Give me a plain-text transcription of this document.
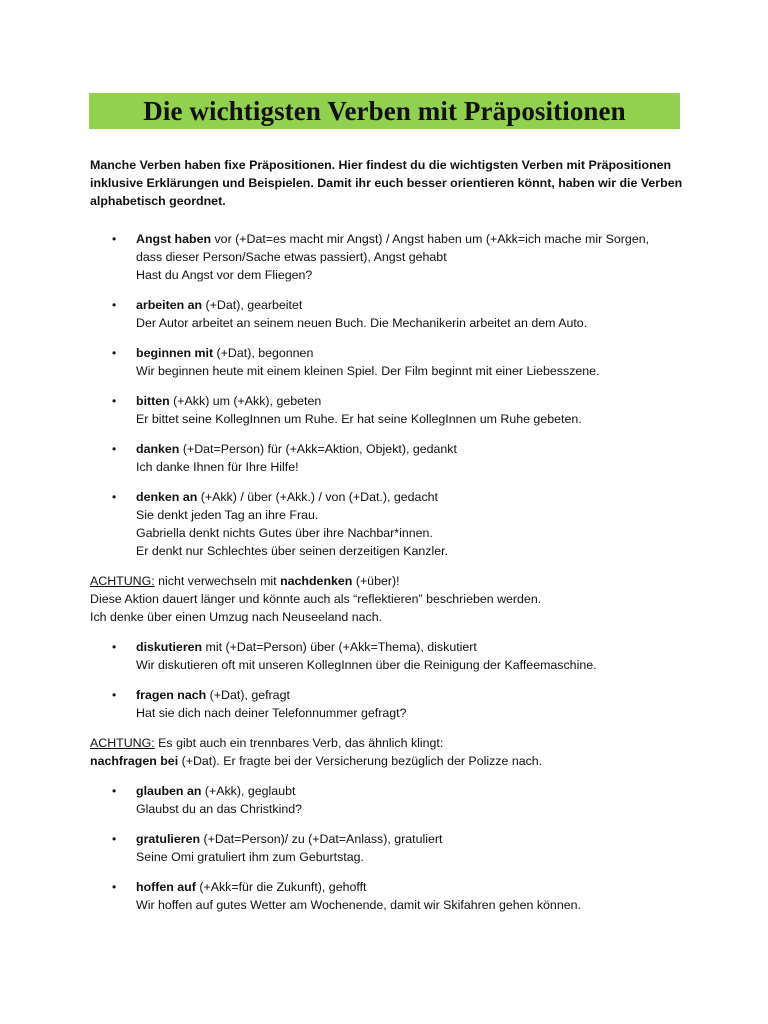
Die wichtigsten Verben mit Präpositionen

Manche Verben haben fixe Präpositionen. Hier findest du die wichtigsten Verben mit Präpositionen
inklusive Erklärungen und Beispielen. Damit ihr euch besser orientieren könnt, haben wir die Verben
alphabetisch geordnet.

• Angst haben vor (+Dat=es macht mir Angst) / Angst haben um (+Akk=ich mache mir Sorgen,
dass dieser Person/Sache etwas passiert), Angst gehabt
Hast du Angst vor dem Fliegen?
• arbeiten an (+Dat), gearbeitet
Der Autor arbeitet an seinem neuen Buch. Die Mechanikerin arbeitet an dem Auto.
• beginnen mit (+Dat), begonnen
Wir beginnen heute mit einem kleinen Spiel. Der Film beginnt mit einer Liebesszene.
• bitten (+Akk) um (+Akk), gebeten
Er bittet seine KollegInnen um Ruhe. Er hat seine KollegInnen um Ruhe gebeten.
• danken (+Dat=Person) für (+Akk=Aktion, Objekt), gedankt
Ich danke Ihnen für Ihre Hilfe!
• denken an (+Akk) / über (+Akk.) / von (+Dat.), gedacht
Sie denkt jeden Tag an ihre Frau.
Gabriella denkt nichts Gutes über ihre Nachbar*innen.
Er denkt nur Schlechtes über seinen derzeitigen Kanzler.

ACHTUNG: nicht verwechseln mit nachdenken (+über)!
Diese Aktion dauert länger und könnte auch als “reflektieren” beschrieben werden.
Ich denke über einen Umzug nach Neuseeland nach.

• diskutieren mit (+Dat=Person) über (+Akk=Thema), diskutiert
Wir diskutieren oft mit unseren KollegInnen über die Reinigung der Kaffeemaschine.
• fragen nach (+Dat), gefragt
Hat sie dich nach deiner Telefonnummer gefragt?

ACHTUNG: Es gibt auch ein trennbares Verb, das ähnlich klingt:
nachfragen bei (+Dat). Er fragte bei der Versicherung bezüglich der Polizze nach.

• glauben an (+Akk), geglaubt
Glaubst du an das Christkind?
• gratulieren (+Dat=Person)/ zu (+Dat=Anlass), gratuliert
Seine Omi gratuliert ihm zum Geburtstag.
• hoffen auf (+Akk=für die Zukunft), gehofft
Wir hoffen auf gutes Wetter am Wochenende, damit wir Skifahren gehen können.
